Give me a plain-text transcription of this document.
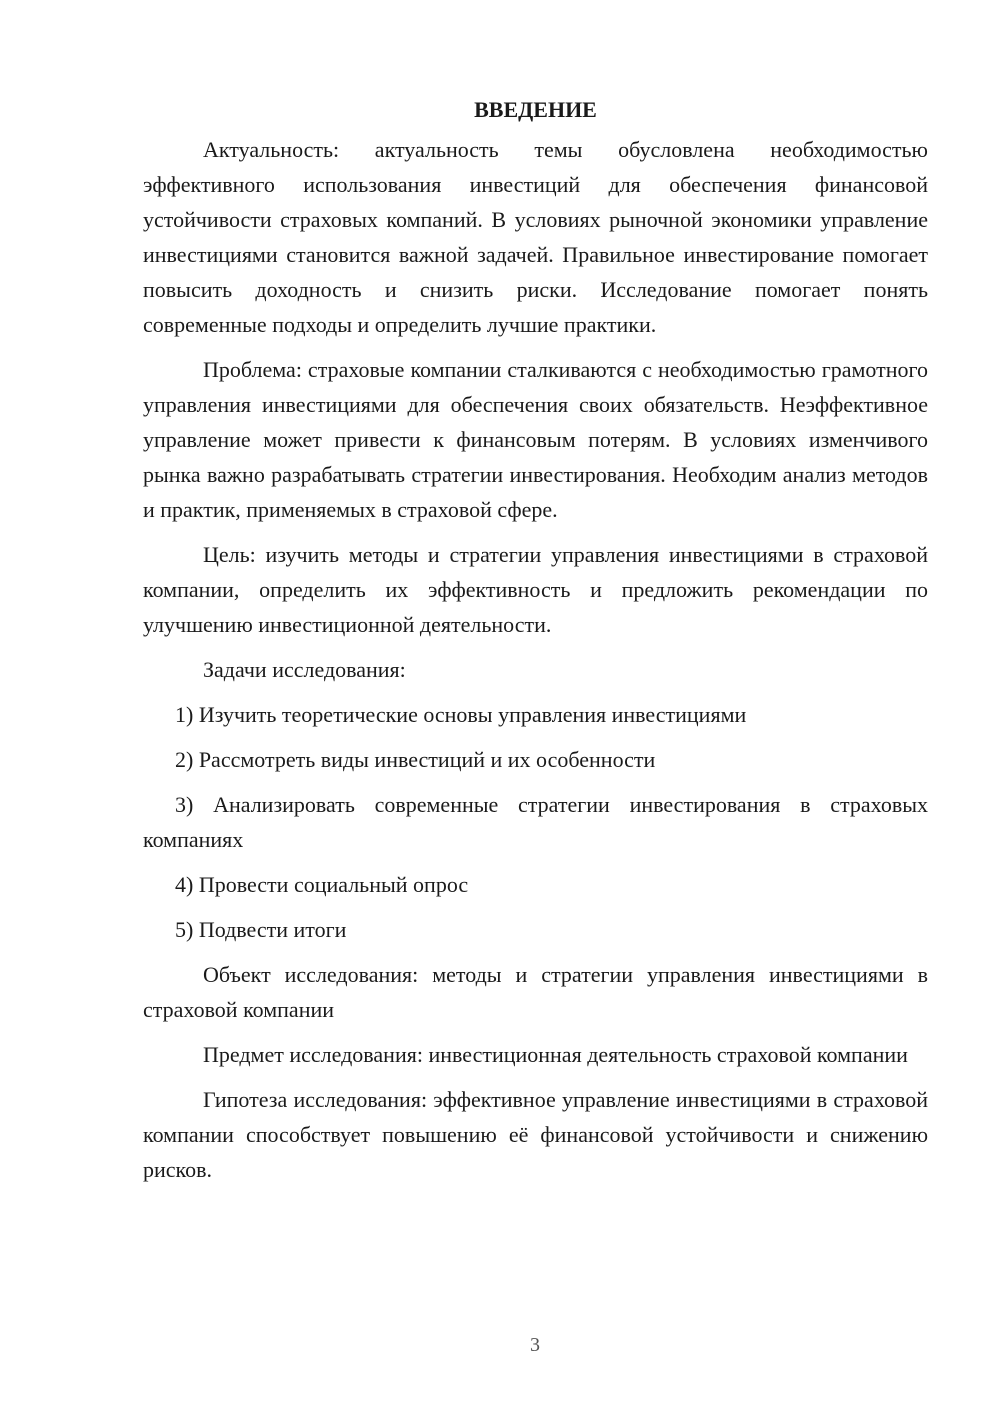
ВВЕДЕНИЕ

Актуальность: актуальность темы обусловлена необходимостью эффективного использования инвестиций для обеспечения финансовой устойчивости страховых компаний. В условиях рыночной экономики управление инвестициями становится важной задачей. Правильное инвестирование помогает повысить доходность и снизить риски. Исследование помогает понять современные подходы и определить лучшие практики.

Проблема: страховые компании сталкиваются с необходимостью грамотного управления инвестициями для обеспечения своих обязательств. Неэффективное управление может привести к финансовым потерям. В условиях изменчивого рынка важно разрабатывать стратегии инвестирования. Необходим анализ методов и практик, применяемых в страховой сфере.

Цель: изучить методы и стратегии управления инвестициями в страховой компании, определить их эффективность и предложить рекомендации по улучшению инвестиционной деятельности.

Задачи исследования:

1) Изучить теоретические основы управления инвестициями

2) Рассмотреть виды инвестиций и их особенности

3) Анализировать современные стратегии инвестирования в страховых компаниях

4) Провести социальный опрос

5) Подвести итоги

Объект исследования: методы и стратегии управления инвестициями в страховой компании

Предмет исследования: инвестиционная деятельность страховой компании

Гипотеза исследования: эффективное управление инвестициями в страховой компании способствует повышению её финансовой устойчивости и снижению рисков.

3
